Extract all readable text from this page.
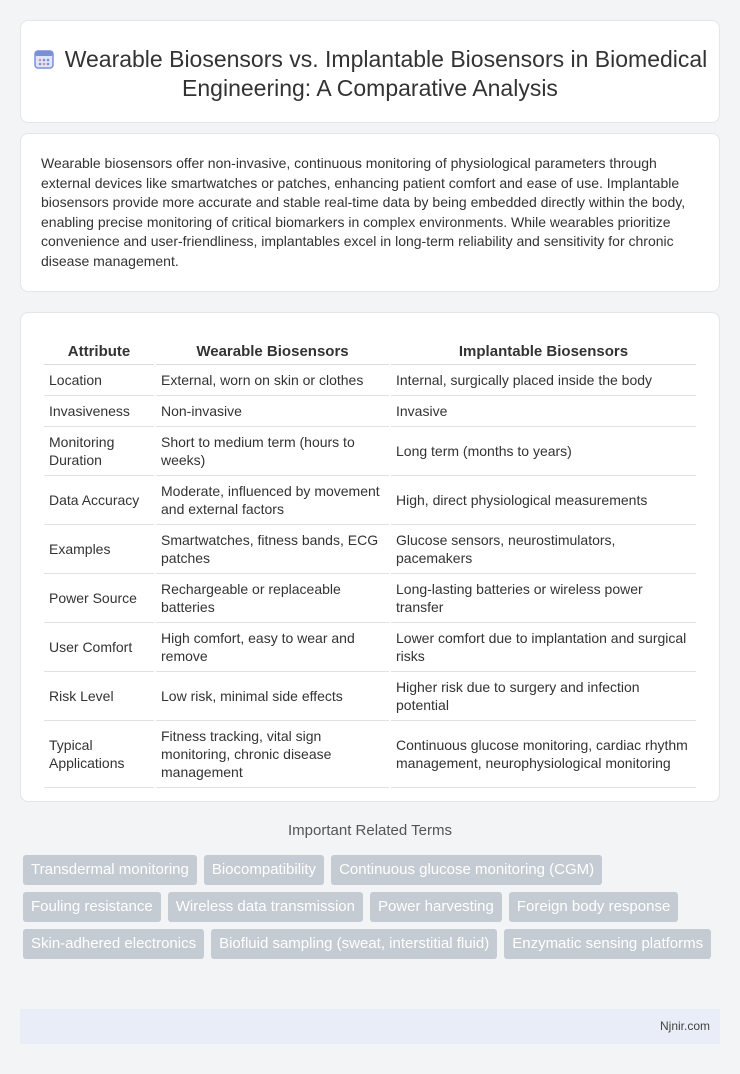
Wearable Biosensors vs. Implantable Biosensors in Biomedical Engineering: A Comparative Analysis

Wearable biosensors offer non-invasive, continuous monitoring of physiological parameters through external devices like smartwatches or patches, enhancing patient comfort and ease of use. Implantable biosensors provide more accurate and stable real-time data by being embedded directly within the body, enabling precise monitoring of critical biomarkers in complex environments. While wearables prioritize convenience and user-friendliness, implantables excel in long-term reliability and sensitivity for chronic disease management.

Attribute	Wearable Biosensors	Implantable Biosensors
Location	External, worn on skin or clothes	Internal, surgically placed inside the body
Invasiveness	Non-invasive	Invasive
Monitoring Duration	Short to medium term (hours to weeks)	Long term (months to years)
Data Accuracy	Moderate, influenced by movement and external factors	High, direct physiological measurements
Examples	Smartwatches, fitness bands, ECG patches	Glucose sensors, neurostimulators, pacemakers
Power Source	Rechargeable or replaceable batteries	Long-lasting batteries or wireless power transfer
User Comfort	High comfort, easy to wear and remove	Lower comfort due to implantation and surgical risks
Risk Level	Low risk, minimal side effects	Higher risk due to surgery and infection potential
Typical Applications	Fitness tracking, vital sign monitoring, chronic disease management	Continuous glucose monitoring, cardiac rhythm management, neurophysiological monitoring
Important Related Terms
Transdermal monitoring	Biocompatibility	Continuous glucose monitoring (CGM)
Fouling resistance	Wireless data transmission	Power harvesting	Foreign body response
Skin-adhered electronics	Biofluid sampling (sweat, interstitial fluid)	Enzymatic sensing platforms
Njnir.com
